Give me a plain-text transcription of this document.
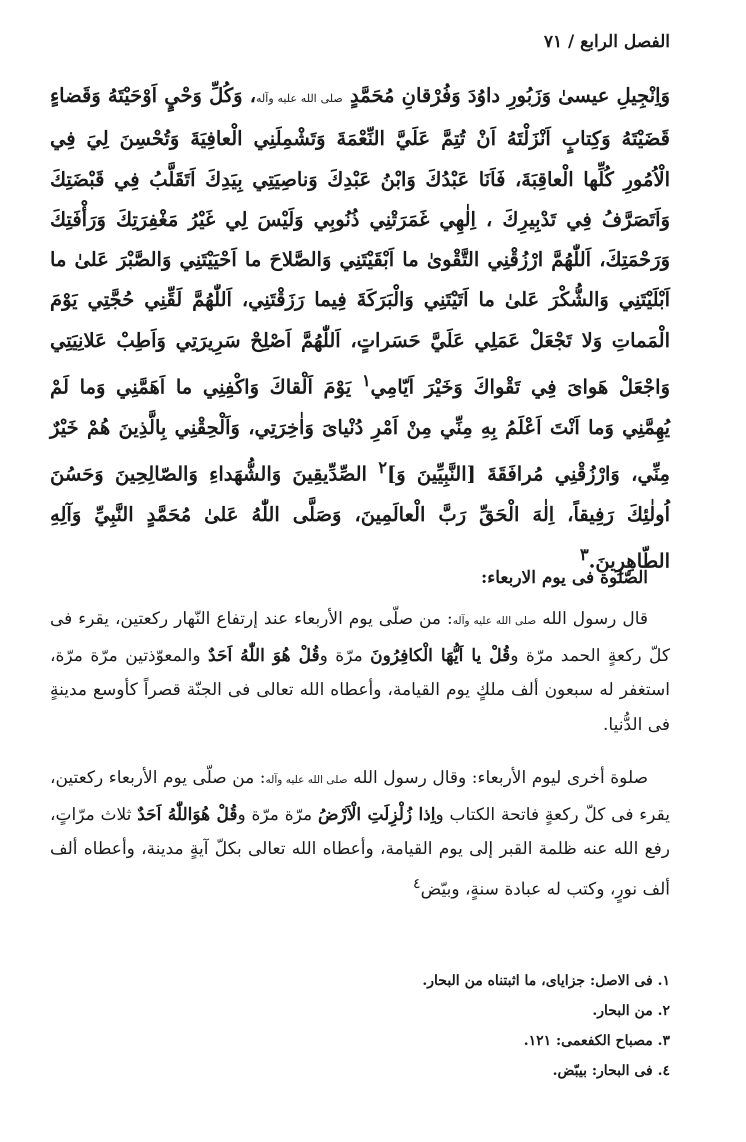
الفصل الرابع / ٧١

وَاِنْجِيلِ عيسىٰ وَزَبُورِ داوُدَ وَفُرْقانِ مُحَمَّدٍ صلى الله عليه وآله، وَكُلِّ وَحْيٍ اَوْحَيْتَهُ وَقَضاءٍ قَضَيْتَهُ وَكِتابٍ اَنْزَلْتَهُ اَنْ تُتِمَّ عَلَيَّ النِّعْمَةَ وَتَشْمِلَنِي الْعافِيَةَ وَتُحْسِنَ لِيَ فِي الْاُمُورِ كُلِّها الْعاقِبَةَ، فَاَنَا عَبْدُكَ وَابْنُ عَبْدِكَ وَناصِيَتِي بِيَدِكَ اَتَقَلَّبُ فِي قَبْضَتِكَ وَاَتَصَرَّفُ فِي تَدْبِيرِكَ ، اِلٰهِي غَمَرَتْنِي ذُنُوبِي وَلَيْسَ لِي غَيْرُ مَغْفِرَتِكَ وَرَأْفَتِكَ وَرَحْمَتِكَ، اَللّٰهُمَّ ارْزُقْنِي التَّقْوىٰ ما اَبْقَيْتَنِي وَالصَّلاحَ ما اَحْيَيْتَنِي وَالصَّبْرَ عَلىٰ ما اَبْلَيْتَنِي وَالشُّكْرَ عَلىٰ ما اَتَيْتَنِي وَالْبَرَكَةَ فِيما رَزَقْتَنِي، اَللّٰهُمَّ لَقِّنِي حُجَّتِي يَوْمَ الْمَماتِ وَلا تَجْعَلْ عَمَلِي عَلَيَّ حَسَراتٍ، اَللّٰهُمَّ اَصْلِحْ سَرِيرَتِي وَاَطِبْ عَلانِيَتِي وَاجْعَلْ هَواىَ فِي تَقْواكَ وَخَيْرَ اَيّامِي$^١$ يَوْمَ اَلْقاكَ وَاكْفِنِي ما اَهَمَّنِي وَما لَمْ يُهِمَّنِي وَما اَنْتَ اَعْلَمُ بِهِ مِنِّي مِنْ اَمْرِ دُنْياىَ وَاٰخِرَتِي، وَاَلْحِقْنِي بِالَّذِينَ هُمْ خَيْرٌ مِنِّي، وَارْزُقْنِي مُرافَقَةَ [النَّبِيِّينَ وَ]$^٢$ الصِّدِّيقِينَ وَالشُّهَداءِ وَالصّالِحِينَ وَحَسُنَ اُولٰئِكَ رَفِيقاً، اِلٰهَ الْحَقِّ رَبَّ الْعالَمِينَ، وَصَلَّى اللّٰهُ عَلىٰ مُحَمَّدٍ النَّبِيِّ وَآلِهِ الطّاهِرِينَ.$^٣$

الصّلوة فى يوم الاربعاء:

قال رسول الله صلى الله عليه وآله: من صلّى يوم الأربعاء عند إرتفاع النّهار ركعتين، يقرء فى كلّ ركعةٍ الحمد مرّة وقُلْ يا اَيُّهَا الْكافِرُونَ مرّة وقُلْ هُوَ اللّٰهُ اَحَدٌ والمعوّذتين مرّة مرّة، استغفر له سبعون ألف ملكٍ يوم القيامة، وأعطاه الله تعالى فى الجنّة قصراً كأوسع مدينةٍ فى الدُّنيا.

صلوة أخرى ليوم الأربعاء: وقال رسول الله صلى الله عليه وآله: من صلّى يوم الأربعاء ركعتين، يقرء فى كلّ ركعةٍ فاتحة الكتاب واِذا زُلْزِلَتِ الْاَرْضُ مرّة مرّة وقُلْ هُوَاللّٰهُ اَحَدٌ ثلاث مرّاتٍ، رفع الله عنه ظلمة القبر إلى يوم القيامة، وأعطاه الله تعالى بكلّ آيةٍ مدينة، وأعطاه ألف ألف نورٍ، وكتب له عبادة سنةٍ، وبيّض$^٤$

١. فى الاصل: جزاياى، ما اثبتناه من البحار.
٢. من البحار.
٣. مصباح الكفعمى: ١٢١.
٤. فى البحار: بيبّض.
